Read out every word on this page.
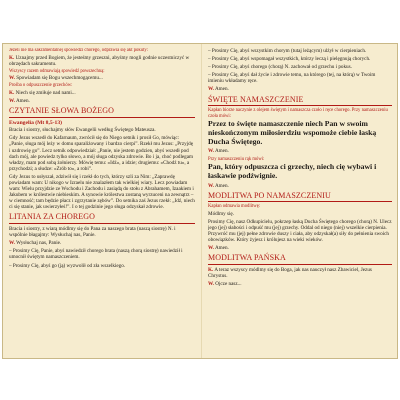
Jeżeli nie ma sakramentalnej spowiedzi chorego, odprawia się akt pokuty:
K. Uznajmy przed Bogiem, że jesteśmy grzeszni, abyśmy mogli godnie uczestniczyć w obrzędach sakramentu.
Wszyscy razem odmawiają spowiedź powszechną:
W. Spowiadam się Bogu wszechmogącemu...
Prośba o odpuszczenie grzechów:
K. Niech się zmiłuje nad nami...
W. Amen.
CZYTANIE SŁOWA BOŻEGO
Ewangelia (Mt 8,5-13)
Bracia i siostry, słuchajmy słów Ewangelii według Świętego Mateusza.
Gdy Jezus wszedł do Kafarnaum, zwrócił się do Niego setnik i prosił Go, mówiąc: „Panie, sługa mój leży w domu sparaliżowany i bardzo cierpi”. Rzekł mu Jezus: „Przyjdę i uzdrowię go”. Lecz setnik odpowiedział: „Panie, nie jestem godzien, abyś wszedł pod dach mój, ale powiedz tylko słowo, a mój sługa odzyska zdrowie. Bo i ja, choć podlegam władzy, mam pod sobą żołnierzy. Mówię temu: »Idź«, a idzie; drugiemu: »Chodź tu«, a przychodzi; a słudze: »Zrób to«, a robi”.
Gdy Jezus to usłyszał, zdziwił się i rzekł do tych, którzy szli za Nim: „Zaprawdę powiadam wam: U nikogo w Izraelu nie znalazłem tak wielkiej wiary. Lecz powiadam wam: Wielu przyjdzie ze Wschodu i Zachodu i zasiądą do stołu z Abrahamem, Izaakiem i Jakubem w królestwie niebieskim. A synowie królestwa zostaną wyrzuceni na zewnątrz – w ciemność; tam będzie płacz i zgrzytanie zębów”. Do setnika zaś Jezus rzekł: „Idź, niech ci się stanie, jak uwierzyłeś!”. I o tej godzinie jego sługa odzyskał zdrowie.
LITANIA ZA CHOREGO
Bracia i siostry, z wiarą módlmy się do Pana za naszego brata (naszą siostrę) N. i wspólnie błagajmy: Wysłuchaj nas, Panie.
W. Wysłuchaj nas, Panie.
– Prosimy Cię, Panie, abyś nawiedził chorego brata (naszą chorą siostrę) nawiedził i umocnił świętym namaszczeniem.
– Prosimy Cię, abyś go (ją) wyzwolił od zła wszelkiego.
– Prosimy Cię, abyś wszystkim chorym (tutaj leżącym) ulżył w cierpieniach.
– Prosimy Cię, abyś wspomagał wszystkich, którzy leczą i pielęgnują chorych.
– Prosimy Cię, abyś chorego (chorą) N. zachował od grzechu i pokus.
– Prosimy Cię, abyś dał życie i zdrowie temu, na którego (tej, na którą) w Twoim imieniu wkładamy ręce.
W. Amen.
ŚWIĘTE NAMASZCZENIE
Kapłan biorze naczynie z olejem świętym i namaszcza czoło i ręce chorego. Przy namaszczeniu czoła mówi:
Przez to święte namaszczenie niech Pan w swoim nieskończonym miłosierdziu wspomoże ciebie łaską Ducha Świętego.
W. Amen.
Przy namaszczeniu rąk mówi:
Pan, który odpuszcza ci grzechy, niech cię wybawi i łaskawie podźwignie.
W. Amen.
MODLITWA PO NAMASZCZENIU
Kapłan odmawia modlitwę:
Módlmy się.
Prosimy Cię, nasz Odkupicielu, pokrzep łaską Ducha Świętego chorego (chorą) N. Ulecz jego (jej) słabości i odpuść mu (jej) grzechy. Oddal od niego (niej) wszelkie cierpienia. Przywróć mu (jej) pełne zdrowie duszy i ciała, aby odzyskał(a) siły do pełnienia swoich obowiązków. Który żyjesz i królujesz na wieki wieków.
W. Amen.
MODLITWA PAŃSKA
K. A teraz wszyscy módlmy się do Boga, jak nas nauczył nasz Zbawiciel, Jezus Chrystus.
W. Ojcze nasz...
